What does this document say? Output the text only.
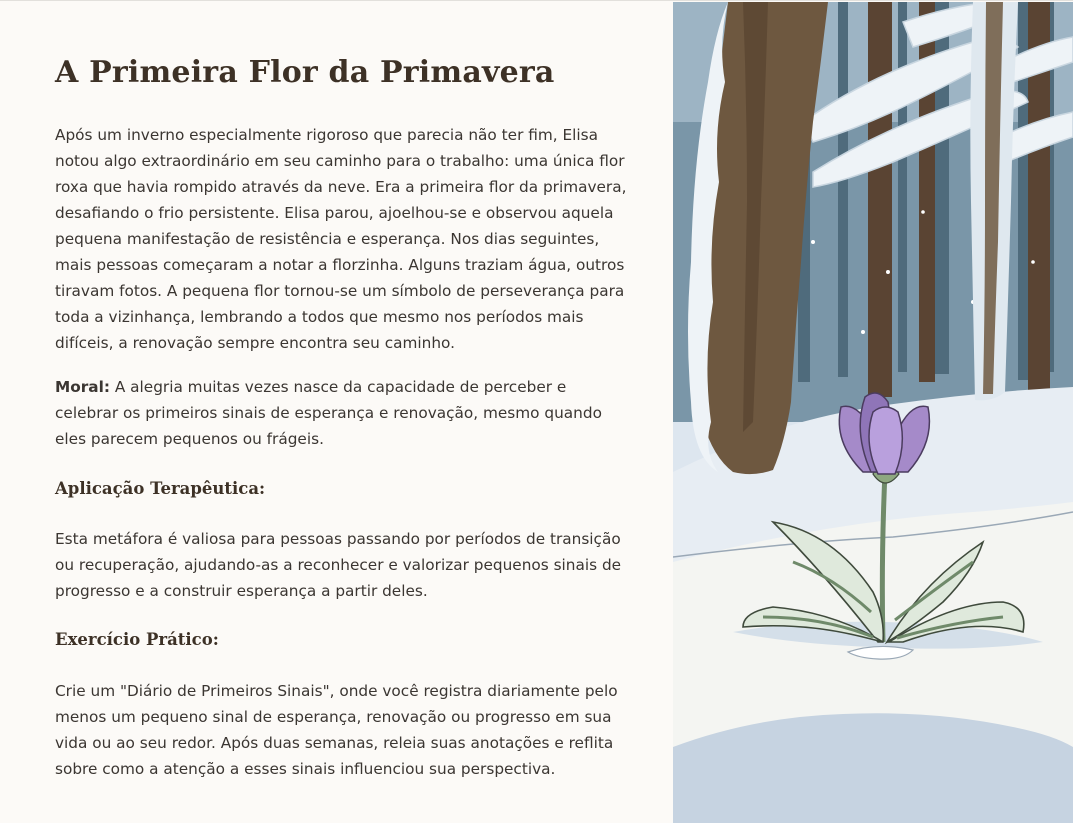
A Primeira Flor da Primavera

Após um inverno especialmente rigoroso que parecia não ter fim, Elisa notou algo extraordinário em seu caminho para o trabalho: uma única flor roxa que havia rompido através da neve. Era a primeira flor da primavera, desafiando o frio persistente. Elisa parou, ajoelhou-se e observou aquela pequena manifestação de resistência e esperança. Nos dias seguintes, mais pessoas começaram a notar a florzinha. Alguns traziam água, outros tiravam fotos. A pequena flor tornou-se um símbolo de perseverança para toda a vizinhança, lembrando a todos que mesmo nos períodos mais difíceis, a renovação sempre encontra seu caminho.

Moral: A alegria muitas vezes nasce da capacidade de perceber e celebrar os primeiros sinais de esperança e renovação, mesmo quando eles parecem pequenos ou frágeis.

Aplicação Terapêutica:

Esta metáfora é valiosa para pessoas passando por períodos de transição ou recuperação, ajudando-as a reconhecer e valorizar pequenos sinais de progresso e a construir esperança a partir deles.

Exercício Prático:

Crie um "Diário de Primeiros Sinais", onde você registra diariamente pelo menos um pequeno sinal de esperança, renovação ou progresso em sua vida ou ao seu redor. Após duas semanas, releia suas anotações e reflita sobre como a atenção a esses sinais influenciou sua perspectiva.
